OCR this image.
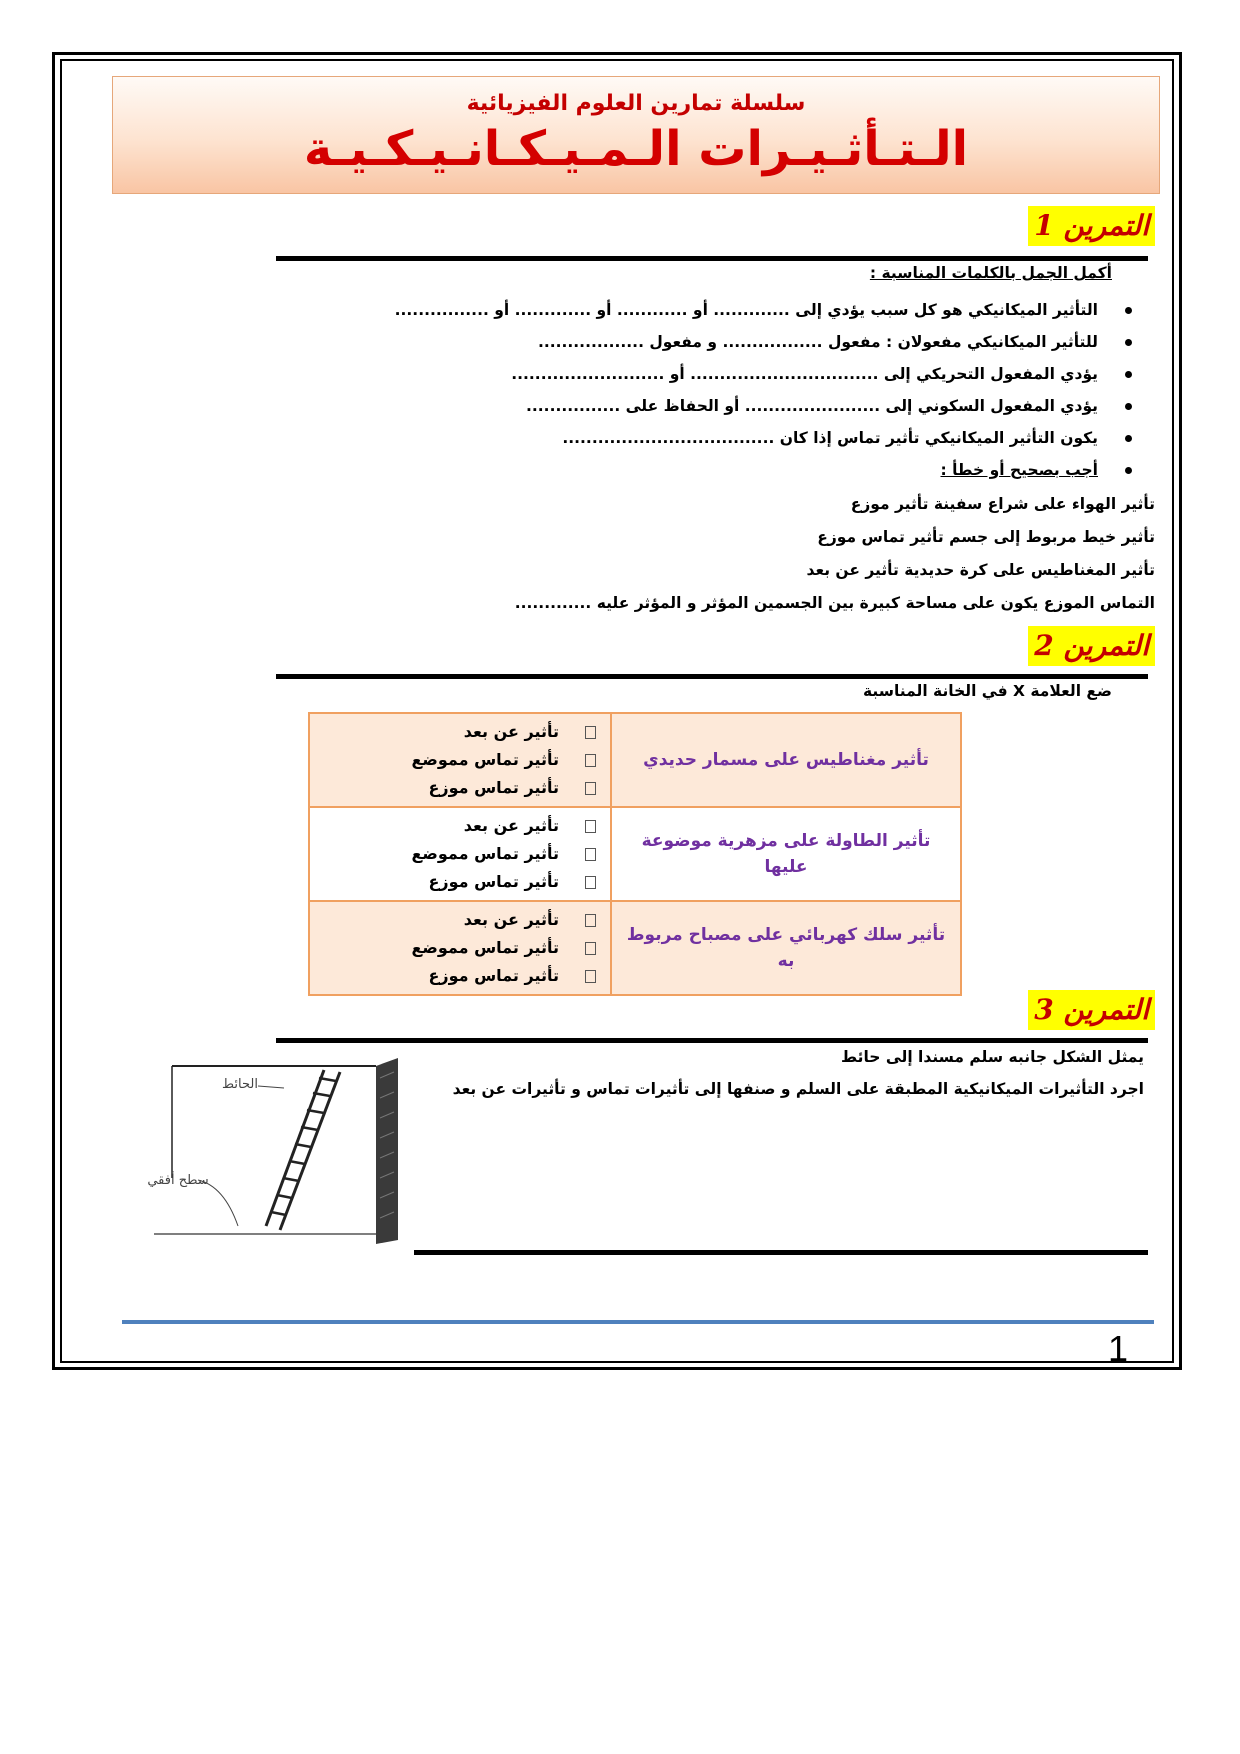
سلسلة تمارين العلوم الفيزيائية
الـتـأثـيـرات الـمـيـكـانـيـكـيـة
التمرين 1
أكمل الجمل بالكلمات المناسبة :
التأثير الميكانيكي هو كل سبب يؤدي إلى ............. أو ............ أو ............. أو ................
للتأثير الميكانيكي مفعولان : مفعول ................. و مفعول ..................
يؤدي المفعول التحريكي إلى ................................ أو ..........................
يؤدي المفعول السكوني إلى ....................... أو الحفاظ على ................
يكون التأثير الميكانيكي تأثير تماس إذا كان ....................................
أجب بصحيح أو خطأ :
تأثير الهواء على شراع سفينة تأثير موزع
تأثير خيط مربوط إلى جسم تأثير تماس موزع
تأثير المغناطيس على كرة حديدية تأثير عن بعد
التماس الموزع يكون على مساحة كبيرة بين الجسمين المؤثر و المؤثر عليه .............
التمرين 2
ضع العلامة X في الخانة المناسبة
تأثير مغناطيس على مسمار حديدي	تأثير عن بعد
تأثير تماس مموضع
تأثير تماس موزع

تأثير الطاولة على مزهرية موضوعة عليها	تأثير عن بعد
تأثير تماس مموضع
تأثير تماس موزع

تأثير سلك كهربائي على مصباح مربوط به	تأثير عن بعد
تأثير تماس مموضع
تأثير تماس موزع
التمرين 3
يمثل الشكل جانبه سلم مسندا إلى حائط
اجرد التأثيرات الميكانيكية المطبقة على السلم و صنفها إلى تأثيرات تماس و تأثيرات عن بعد
الحائط
سطح أفقي
1
